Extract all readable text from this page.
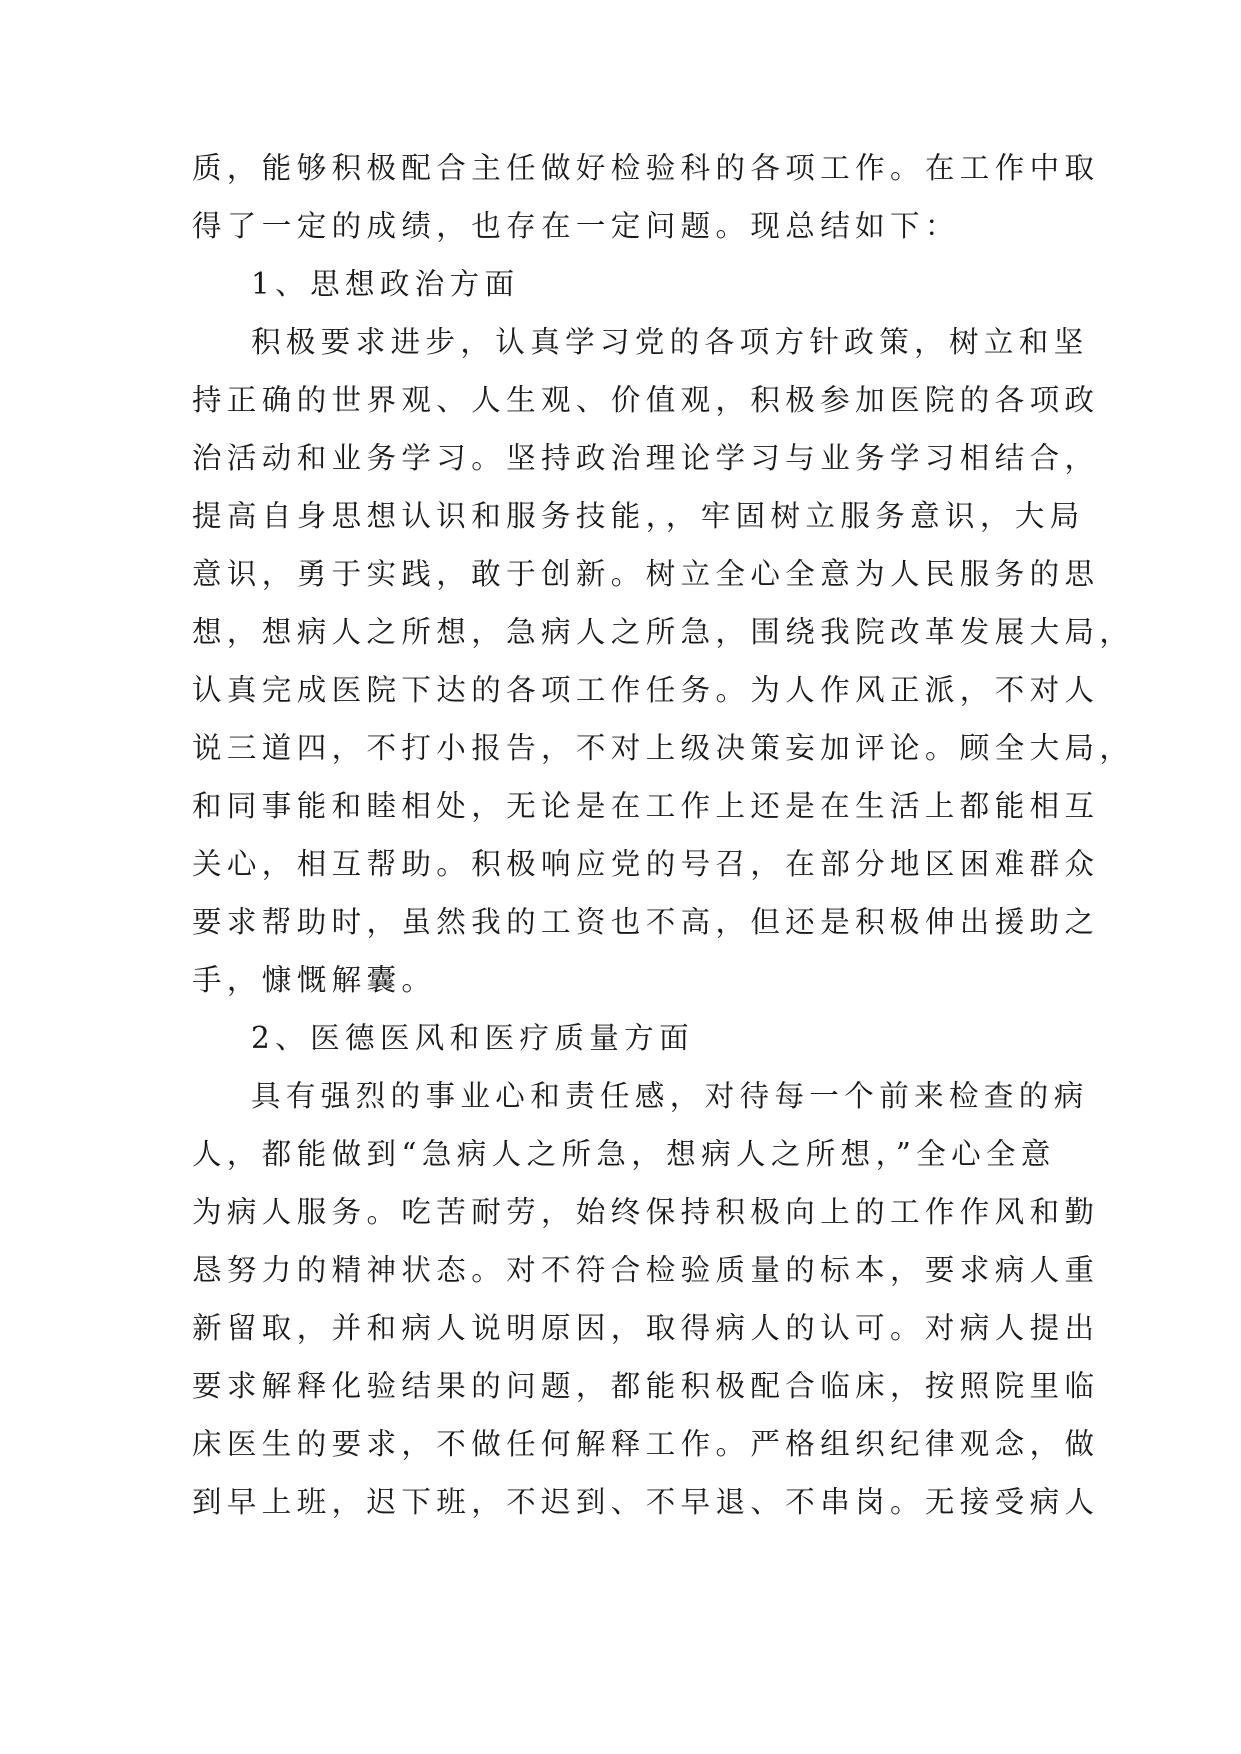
质，能够积极配合主任做好检验科的各项工作。在工作中取
得了一定的成绩，也存在一定问题。现总结如下：
1、思想政治方面
积极要求进步，认真学习党的各项方针政策，树立和坚
持正确的世界观、人生观、价值观，积极参加医院的各项政
治活动和业务学习。坚持政治理论学习与业务学习相结合，
提高自身思想认识和服务技能，，牢固树立服务意识，大局
意识，勇于实践，敢于创新。树立全心全意为人民服务的思
想，想病人之所想，急病人之所急，围绕我院改革发展大局，
认真完成医院下达的各项工作任务。为人作风正派，不对人
说三道四，不打小报告，不对上级决策妄加评论。顾全大局，
和同事能和睦相处，无论是在工作上还是在生活上都能相互
关心，相互帮助。积极响应党的号召，在部分地区困难群众
要求帮助时，虽然我的工资也不高，但还是积极伸出援助之
手，慷慨解囊。
2、医德医风和医疗质量方面
具有强烈的事业心和责任感，对待每一个前来检查的病
人，都能做到“急病人之所急，想病人之所想，”全心全意
为病人服务。吃苦耐劳，始终保持积极向上的工作作风和勤
恳努力的精神状态。对不符合检验质量的标本，要求病人重
新留取，并和病人说明原因，取得病人的认可。对病人提出
要求解释化验结果的问题，都能积极配合临床，按照院里临
床医生的要求，不做任何解释工作。严格组织纪律观念，做
到早上班，迟下班，不迟到、不早退、不串岗。无接受病人
